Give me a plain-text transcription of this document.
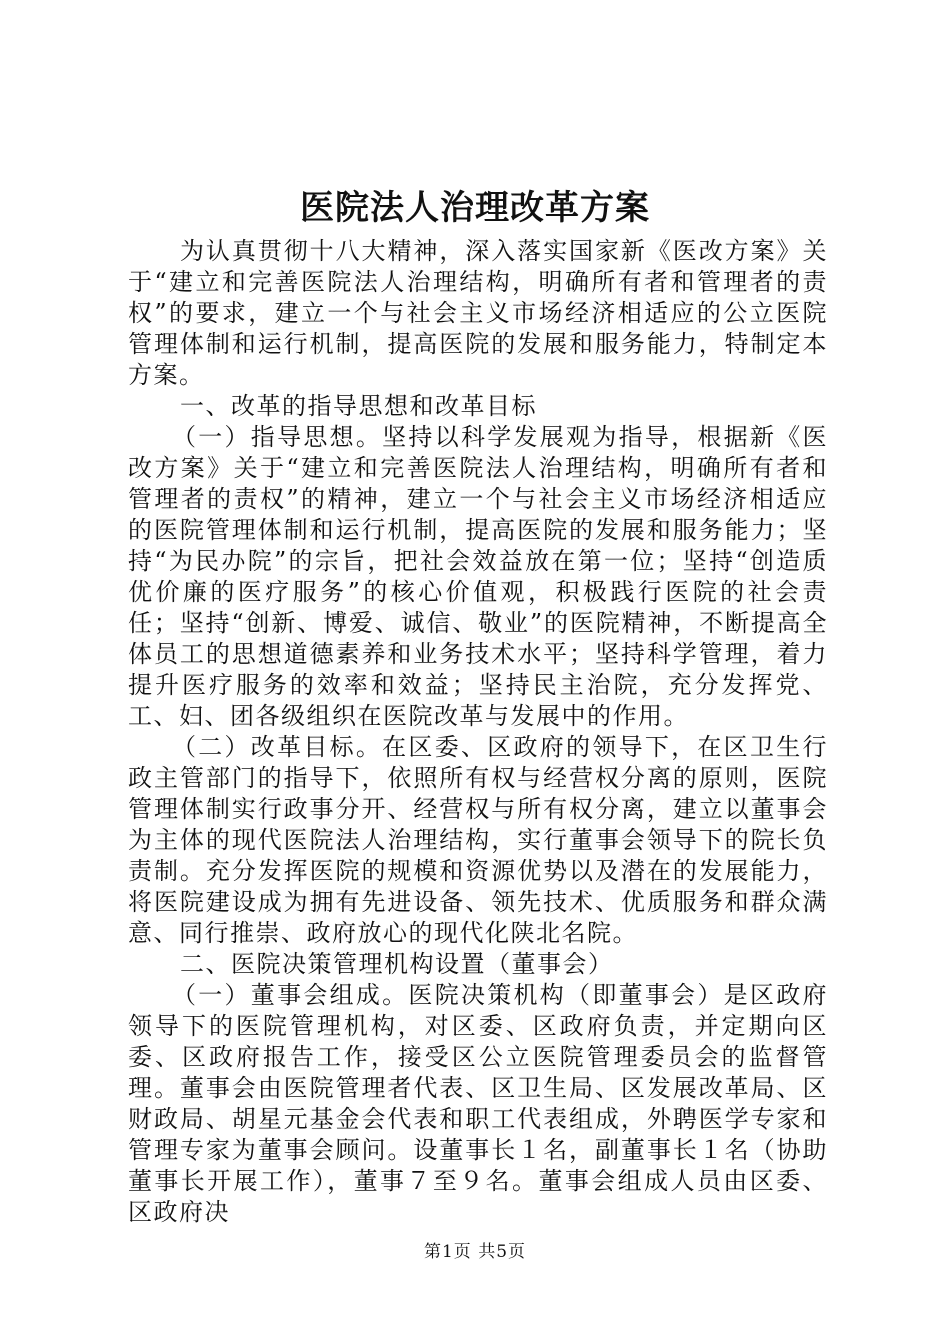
医院法人治理改革方案

为认真贯彻十八大精神，深入落实国家新《医改方案》关于“建立和完善医院法人治理结构，明确所有者和管理者的责权”的要求，建立一个与社会主义市场经济相适应的公立医院管理体制和运行机制，提高医院的发展和服务能力，特制定本方案。

一、改革的指导思想和改革目标

（一）指导思想。坚持以科学发展观为指导，根据新《医改方案》关于“建立和完善医院法人治理结构，明确所有者和管理者的责权”的精神，建立一个与社会主义市场经济相适应的医院管理体制和运行机制，提高医院的发展和服务能力；坚持“为民办院”的宗旨，把社会效益放在第一位；坚持“创造质优价廉的医疗服务”的核心价值观，积极践行医院的社会责任；坚持“创新、博爱、诚信、敬业”的医院精神，不断提高全体员工的思想道德素养和业务技术水平；坚持科学管理，着力提升医疗服务的效率和效益；坚持民主治院，充分发挥党、工、妇、团各级组织在医院改革与发展中的作用。

（二）改革目标。在区委、区政府的领导下，在区卫生行政主管部门的指导下，依照所有权与经营权分离的原则，医院管理体制实行政事分开、经营权与所有权分离，建立以董事会为主体的现代医院法人治理结构，实行董事会领导下的院长负责制。充分发挥医院的规模和资源优势以及潜在的发展能力，将医院建设成为拥有先进设备、领先技术、优质服务和群众满意、同行推崇、政府放心的现代化陕北名院。

二、医院决策管理机构设置（董事会）

（一）董事会组成。医院决策机构（即董事会）是区政府领导下的医院管理机构，对区委、区政府负责，并定期向区委、区政府报告工作，接受区公立医院管理委员会的监督管理。董事会由医院管理者代表、区卫生局、区发展改革局、区财政局、胡星元基金会代表和职工代表组成，外聘医学专家和管理专家为董事会顾问。设董事长１名，副董事长１名（协助董事长开展工作），董事７至９名。董事会组成人员由区委、区政府决

第1页 共5页
